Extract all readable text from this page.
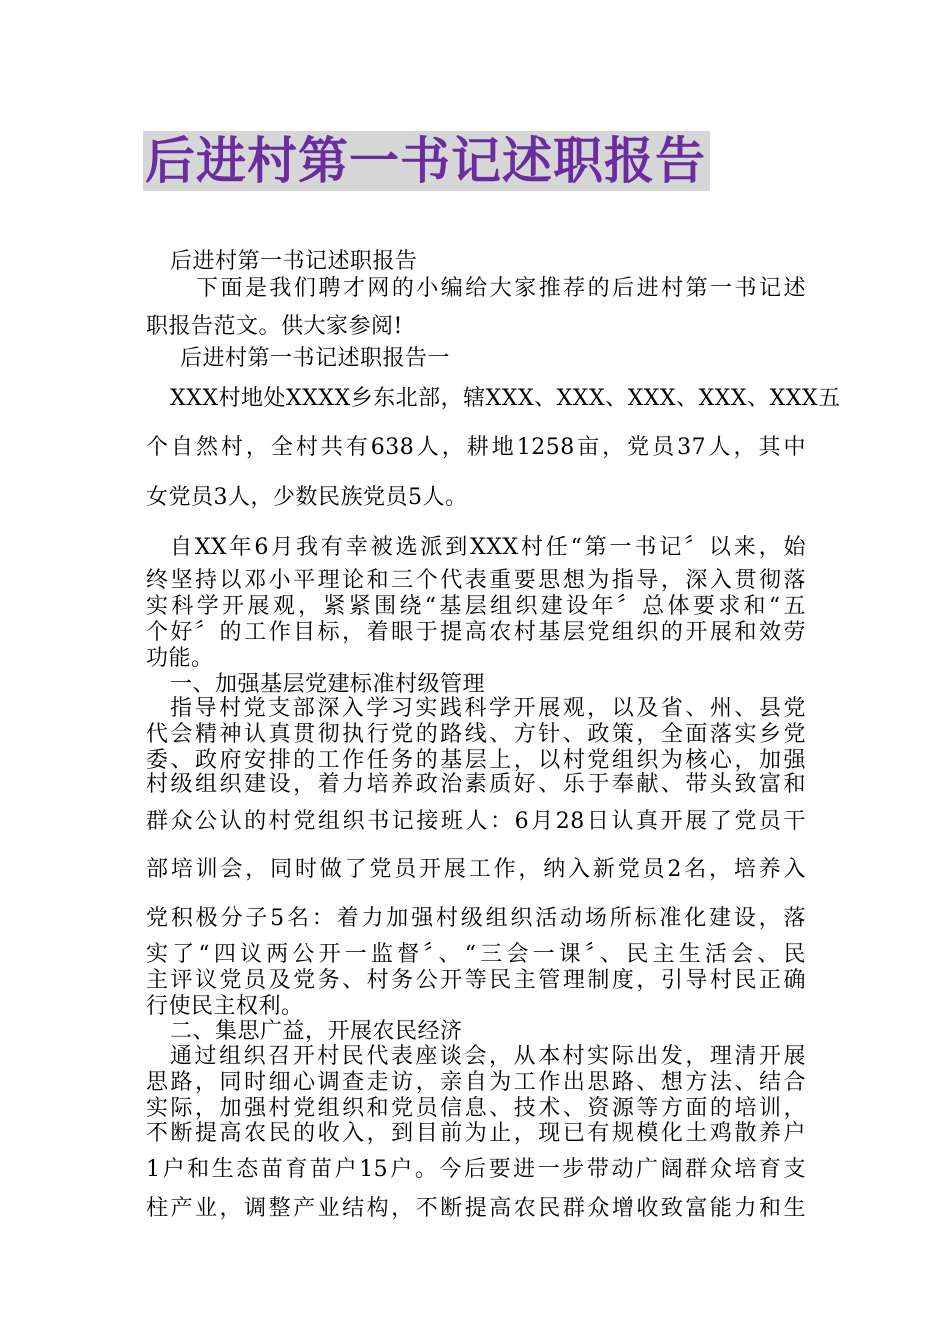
后进村第一书记述职报告
后进村第一书记述职报告
下面是我们聘才网的小编给大家推荐的后进村第一书记述
职报告范文。供大家参阅!
后进村第一书记述职报告一
XXX村地处XXXX乡东北部，辖XXX、XXX、XXX、XXX、XXX五
个自然村，全村共有638人，耕地1258亩，党员37人，其中
女党员3人，少数民族党员5人。
自XX年6月我有幸被选派到XXX村任“第一书记〞以来，始
终坚持以邓小平理论和三个代表重要思想为指导，深入贯彻落
实科学开展观，紧紧围绕“基层组织建设年〞总体要求和“五
个好〞的工作目标，着眼于提高农村基层党组织的开展和效劳
功能。
一、加强基层党建标准村级管理
指导村党支部深入学习实践科学开展观，以及省、州、县党
代会精神认真贯彻执行党的路线、方针、政策，全面落实乡党
委、政府安排的工作任务的基层上，以村党组织为核心，加强
村级组织建设，着力培养政治素质好、乐于奉献、带头致富和
群众公认的村党组织书记接班人：6月28日认真开展了党员干
部培训会，同时做了党员开展工作，纳入新党员2名，培养入
党积极分子5名：着力加强村级组织活动场所标准化建设，落
实了“四议两公开一监督〞、“三会一课〞、民主生活会、民
主评议党员及党务、村务公开等民主管理制度，引导村民正确
行使民主权利。
二、集思广益，开展农民经济
通过组织召开村民代表座谈会，从本村实际出发，理清开展
思路，同时细心调查走访，亲自为工作出思路、想方法、结合
实际，加强村党组织和党员信息、技术、资源等方面的培训，
不断提高农民的收入，到目前为止，现已有规模化土鸡散养户
1户和生态苗育苗户15户。今后要进一步带动广阔群众培育支
柱产业，调整产业结构，不断提高农民群众增收致富能力和生
